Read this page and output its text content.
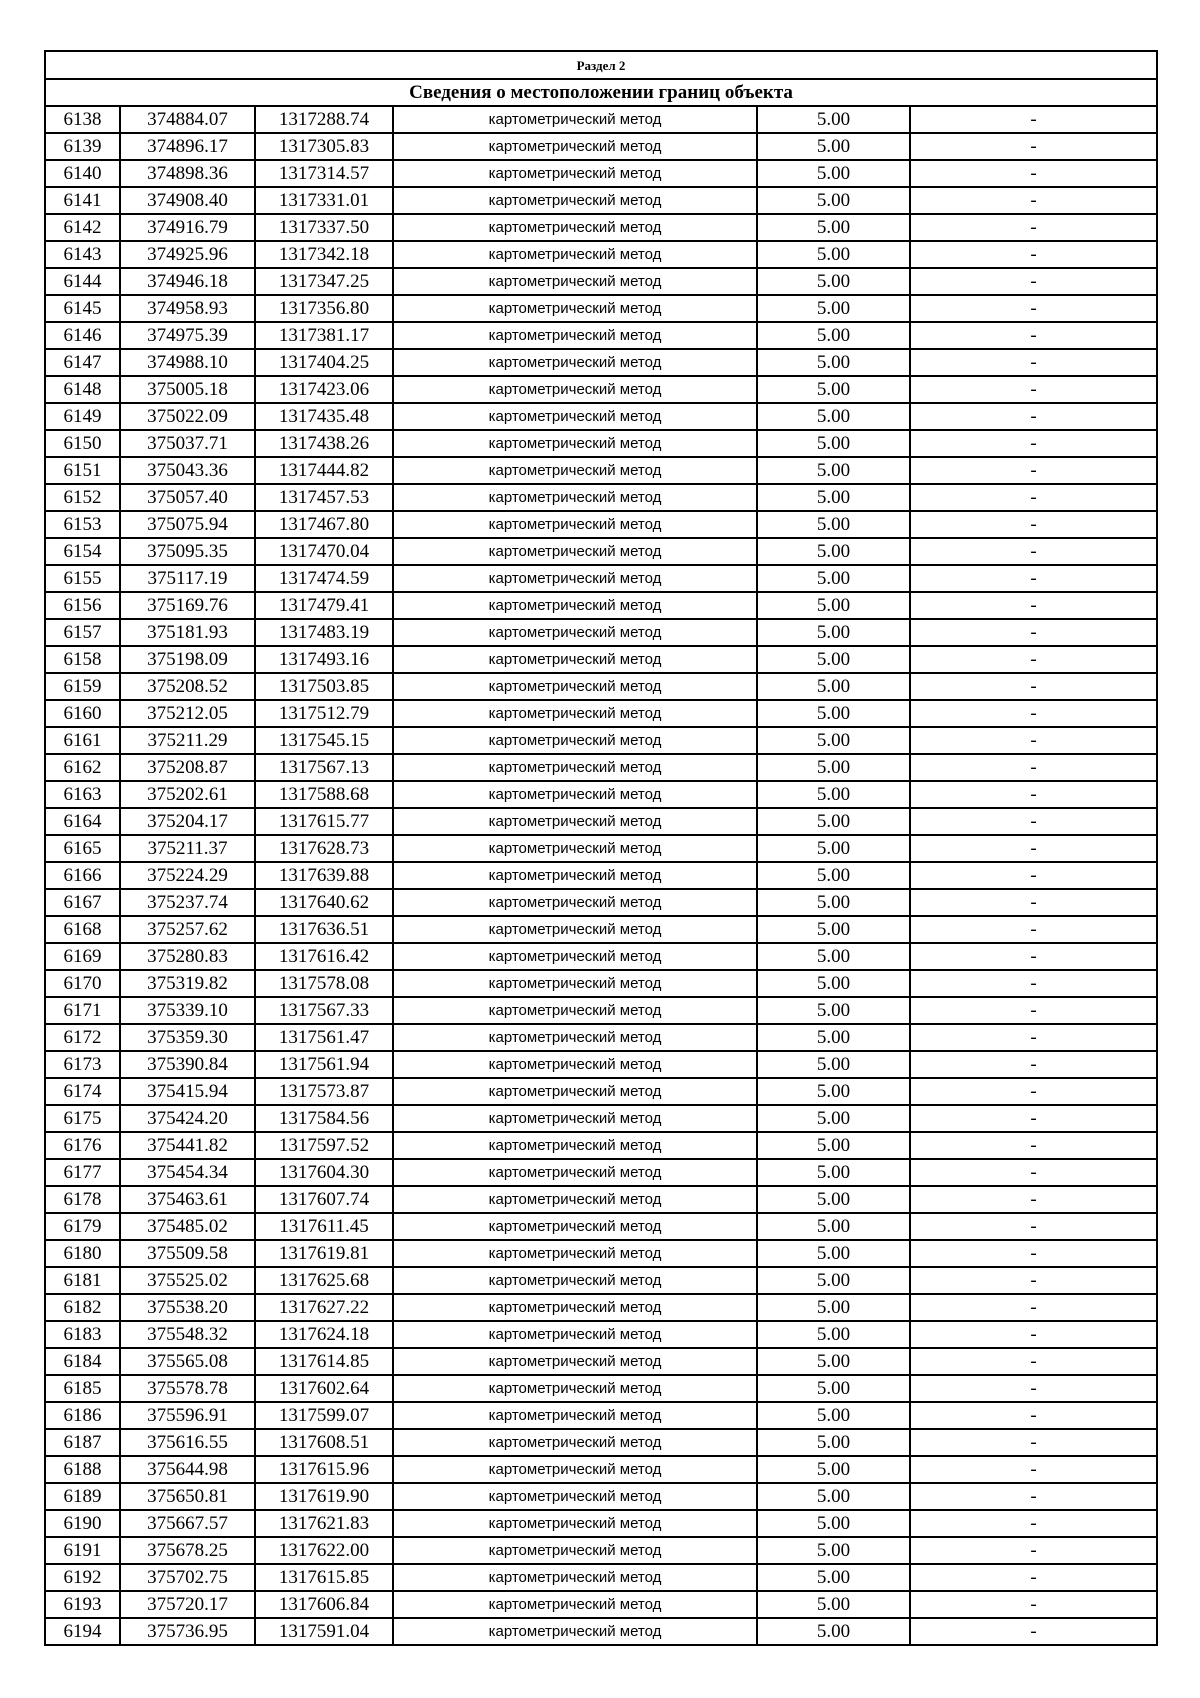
Раздел 2					
Сведения о местоположении границ объекта					
6138	374884.07	1317288.74	картометрический метод	5.00	-
6139	374896.17	1317305.83	картометрический метод	5.00	-
6140	374898.36	1317314.57	картометрический метод	5.00	-
6141	374908.40	1317331.01	картометрический метод	5.00	-
6142	374916.79	1317337.50	картометрический метод	5.00	-
6143	374925.96	1317342.18	картометрический метод	5.00	-
6144	374946.18	1317347.25	картометрический метод	5.00	-
6145	374958.93	1317356.80	картометрический метод	5.00	-
6146	374975.39	1317381.17	картометрический метод	5.00	-
6147	374988.10	1317404.25	картометрический метод	5.00	-
6148	375005.18	1317423.06	картометрический метод	5.00	-
6149	375022.09	1317435.48	картометрический метод	5.00	-
6150	375037.71	1317438.26	картометрический метод	5.00	-
6151	375043.36	1317444.82	картометрический метод	5.00	-
6152	375057.40	1317457.53	картометрический метод	5.00	-
6153	375075.94	1317467.80	картометрический метод	5.00	-
6154	375095.35	1317470.04	картометрический метод	5.00	-
6155	375117.19	1317474.59	картометрический метод	5.00	-
6156	375169.76	1317479.41	картометрический метод	5.00	-
6157	375181.93	1317483.19	картометрический метод	5.00	-
6158	375198.09	1317493.16	картометрический метод	5.00	-
6159	375208.52	1317503.85	картометрический метод	5.00	-
6160	375212.05	1317512.79	картометрический метод	5.00	-
6161	375211.29	1317545.15	картометрический метод	5.00	-
6162	375208.87	1317567.13	картометрический метод	5.00	-
6163	375202.61	1317588.68	картометрический метод	5.00	-
6164	375204.17	1317615.77	картометрический метод	5.00	-
6165	375211.37	1317628.73	картометрический метод	5.00	-
6166	375224.29	1317639.88	картометрический метод	5.00	-
6167	375237.74	1317640.62	картометрический метод	5.00	-
6168	375257.62	1317636.51	картометрический метод	5.00	-
6169	375280.83	1317616.42	картометрический метод	5.00	-
6170	375319.82	1317578.08	картометрический метод	5.00	-
6171	375339.10	1317567.33	картометрический метод	5.00	-
6172	375359.30	1317561.47	картометрический метод	5.00	-
6173	375390.84	1317561.94	картометрический метод	5.00	-
6174	375415.94	1317573.87	картометрический метод	5.00	-
6175	375424.20	1317584.56	картометрический метод	5.00	-
6176	375441.82	1317597.52	картометрический метод	5.00	-
6177	375454.34	1317604.30	картометрический метод	5.00	-
6178	375463.61	1317607.74	картометрический метод	5.00	-
6179	375485.02	1317611.45	картометрический метод	5.00	-
6180	375509.58	1317619.81	картометрический метод	5.00	-
6181	375525.02	1317625.68	картометрический метод	5.00	-
6182	375538.20	1317627.22	картометрический метод	5.00	-
6183	375548.32	1317624.18	картометрический метод	5.00	-
6184	375565.08	1317614.85	картометрический метод	5.00	-
6185	375578.78	1317602.64	картометрический метод	5.00	-
6186	375596.91	1317599.07	картометрический метод	5.00	-
6187	375616.55	1317608.51	картометрический метод	5.00	-
6188	375644.98	1317615.96	картометрический метод	5.00	-
6189	375650.81	1317619.90	картометрический метод	5.00	-
6190	375667.57	1317621.83	картометрический метод	5.00	-
6191	375678.25	1317622.00	картометрический метод	5.00	-
6192	375702.75	1317615.85	картометрический метод	5.00	-
6193	375720.17	1317606.84	картометрический метод	5.00	-
6194	375736.95	1317591.04	картометрический метод	5.00	-
